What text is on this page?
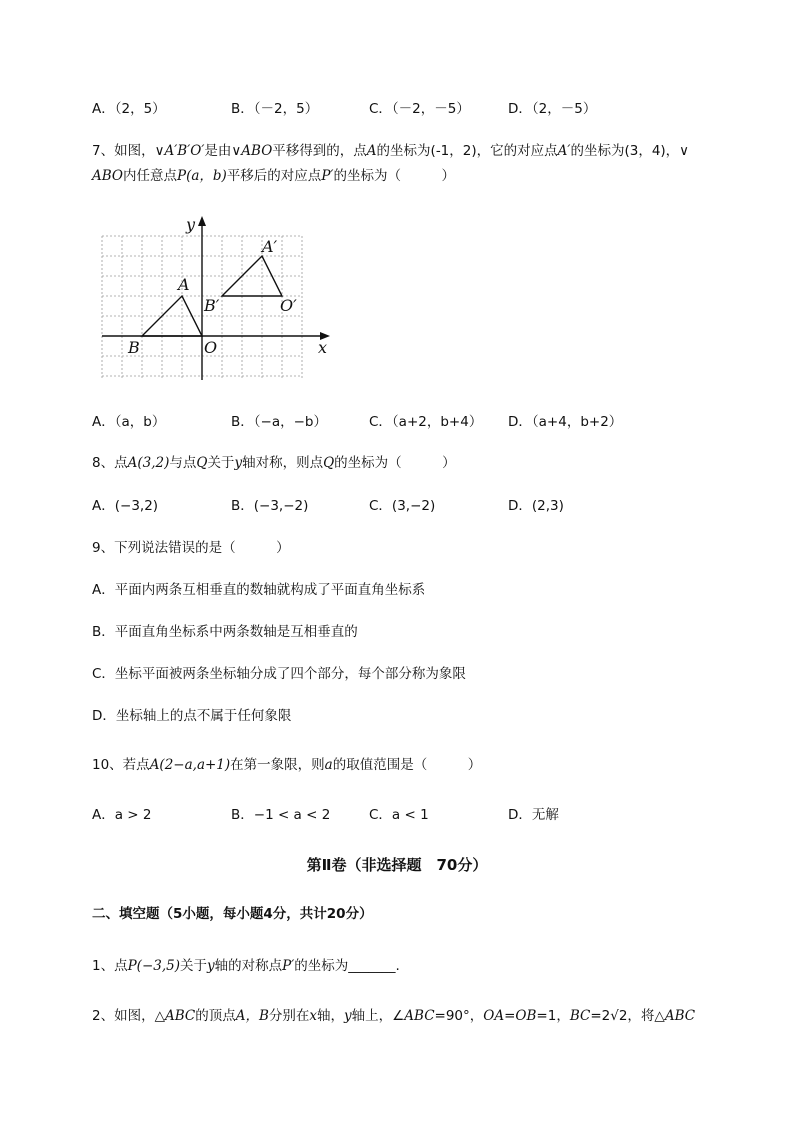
A．（2，5）	B．（－2，5）	C．（－2，－5）	D．（2，－5）
7、如图，∨A′B′O′是由∨ABO平移得到的，点A的坐标为(-1，2)，它的对应点A′的坐标为(3，4)，∨
ABO内任意点P(a，b)平移后的对应点P′的坐标为（　　　）
y
x
A
B	O
A′
B′	O′
A．（a，b）	B．（−a，−b）	C．（a+2，b+4） D．（a+4，b+2）
8、点A(3,2)与点Q关于y轴对称，则点Q的坐标为（　　　）
A．(−3,2)	B．(−3,−2)	C．(3,−2)	D．(2,3)
9、下列说法错误的是（　　　）
A．平面内两条互相垂直的数轴就构成了平面直角坐标系
B．平面直角坐标系中两条数轴是互相垂直的
C．坐标平面被两条坐标轴分成了四个部分，每个部分称为象限
D．坐标轴上的点不属于任何象限
10、若点A(2−a,a+1)在第一象限，则a的取值范围是（　　　）
A．a > 2	B．−1 < a < 2	C．a < 1	D．无解
第Ⅱ卷（非选择题　70分）
二、填空题（5小题，每小题4分，共计20分）
1、点P(−3,5)关于y轴的对称点P′的坐标为_______.
2、如图，△ABC的顶点A，B分别在x轴，y轴上，∠ABC=90°，OA=OB=1，BC=2√2，将△ABC
